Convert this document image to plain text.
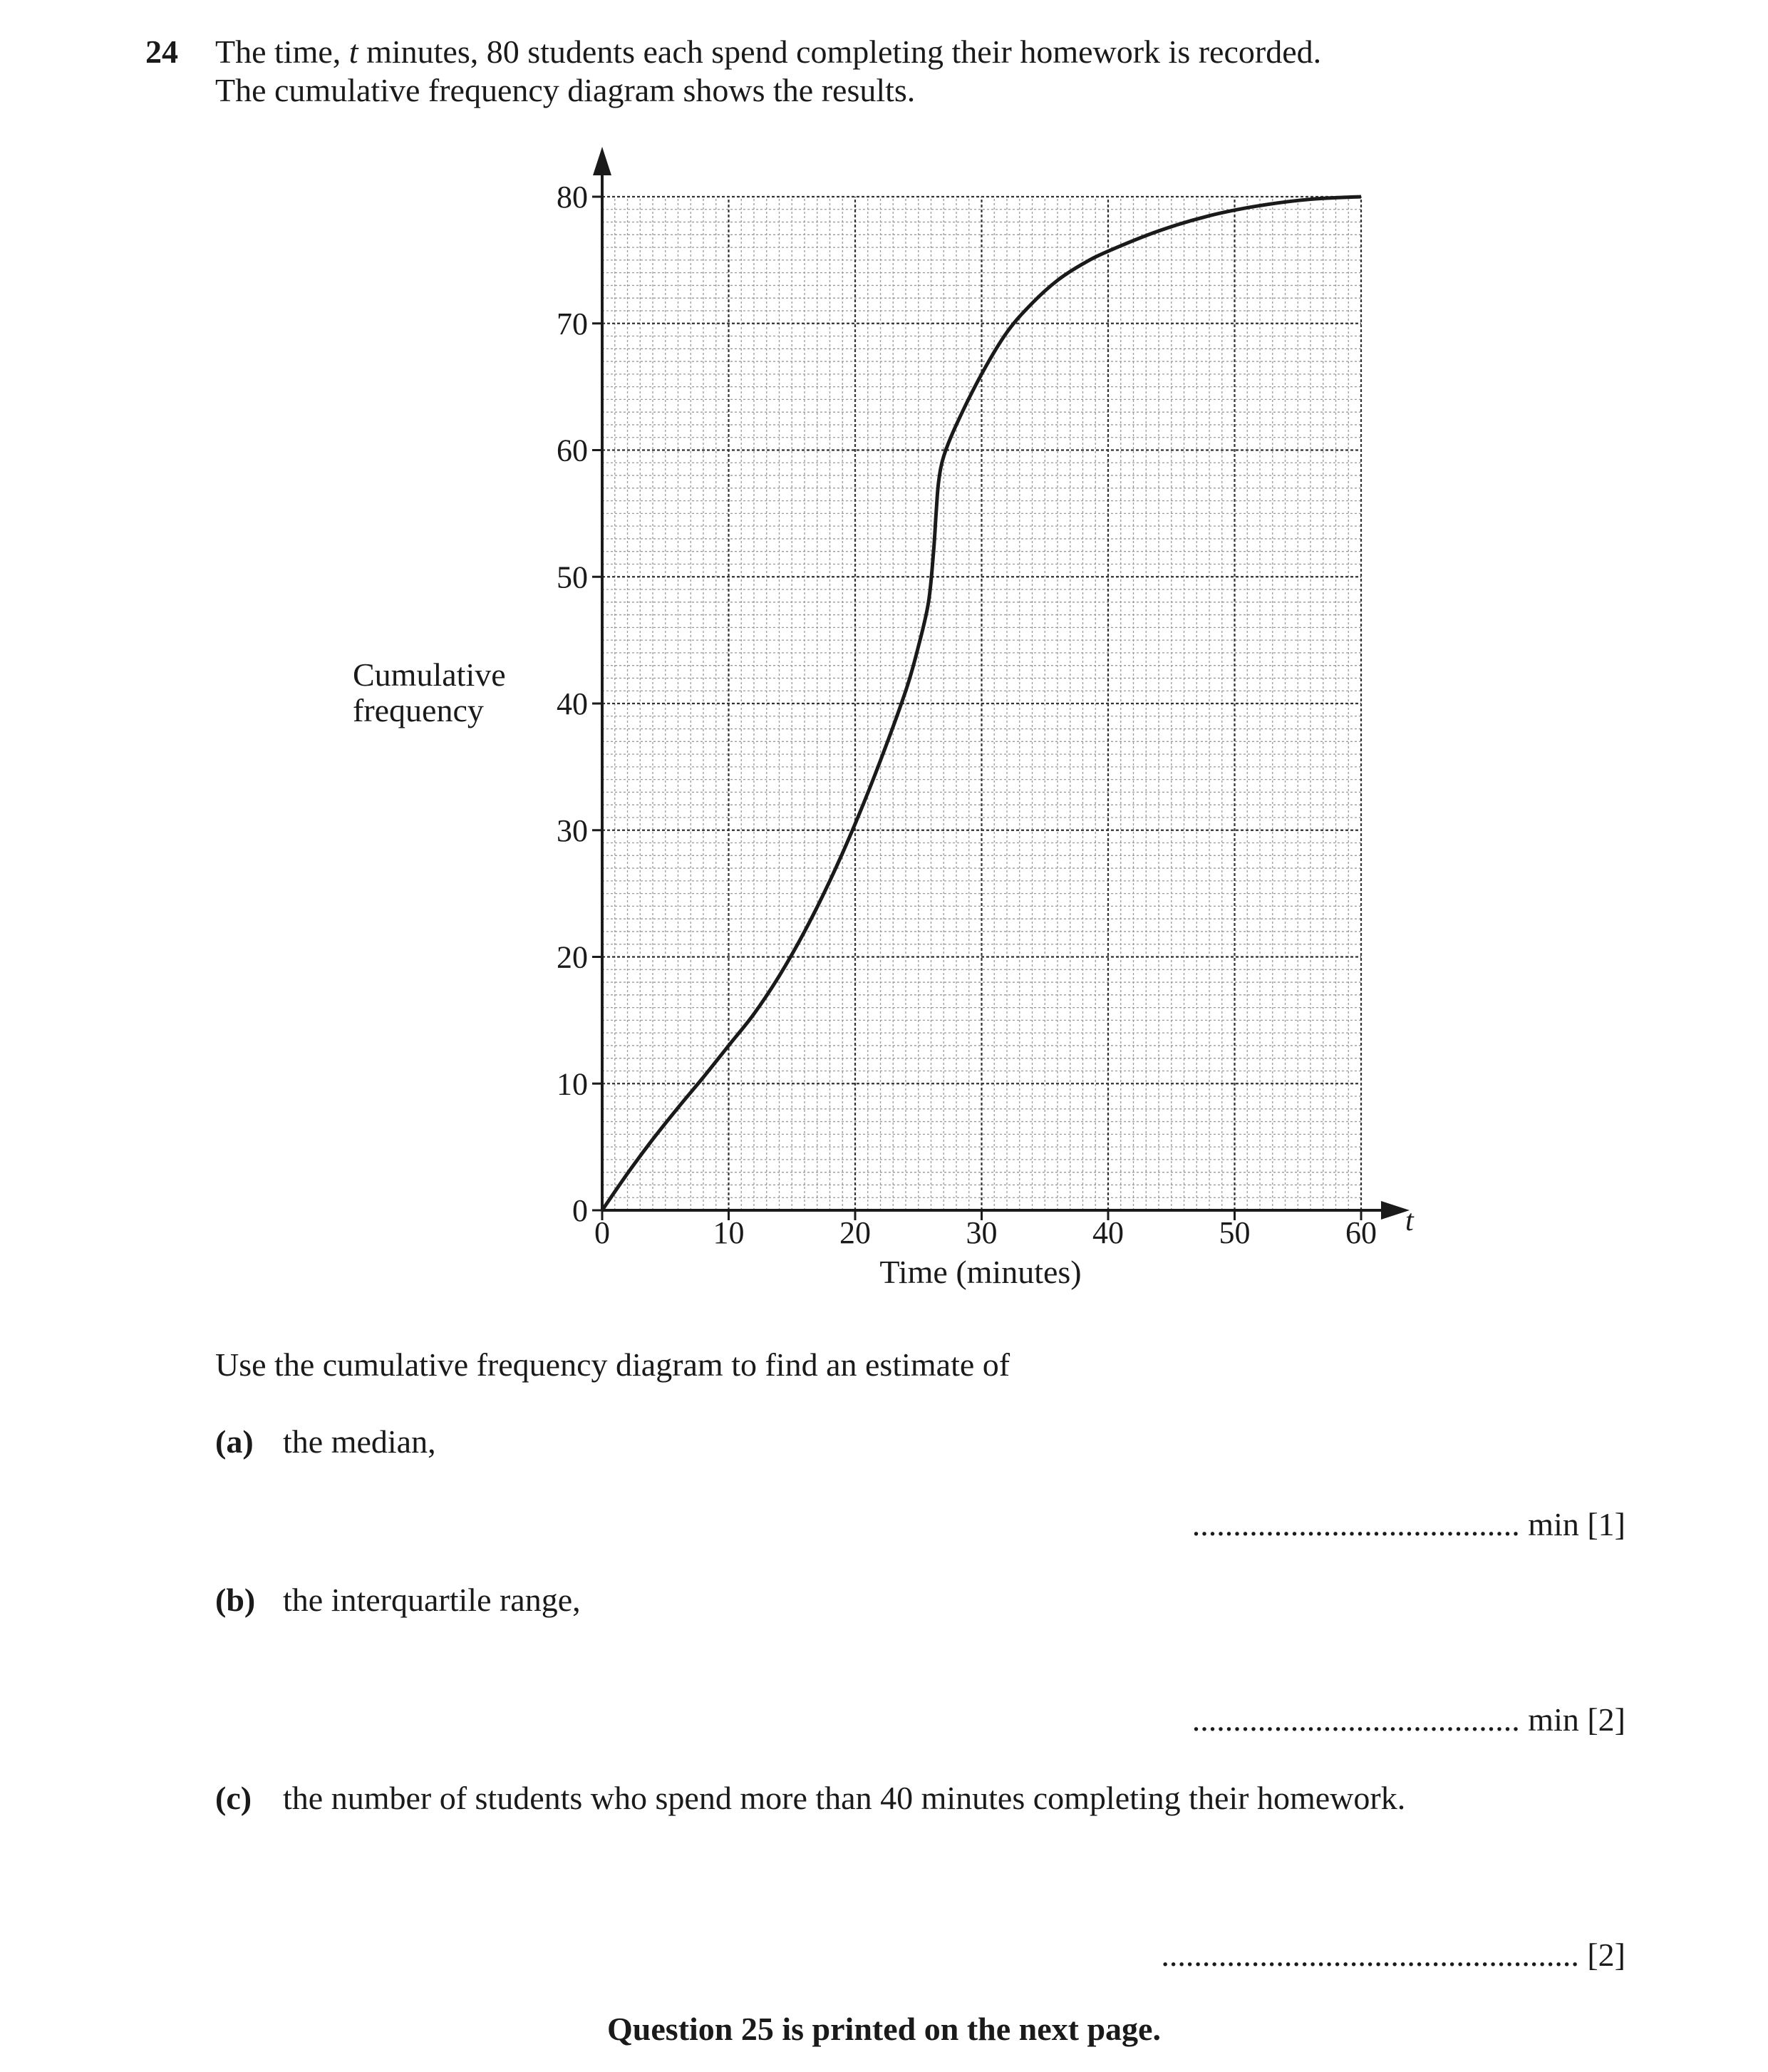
24 The time, t minutes, 80 students each spend completing their homework is recorded.
The cumulative frequency diagram shows the results.
0
10
20
30
40
50
60
70
80
0	10	20	30	40	50	60
Cumulative
frequency
Time (minutes)
t
Use the cumulative frequency diagram to find an estimate of
(a) the median,
........................................ min [1]
(b) the interquartile range,
........................................ min [2]
(c) the number of students who spend more than 40 minutes completing their homework.
................................................... [2]
Question 25 is printed on the next page.
